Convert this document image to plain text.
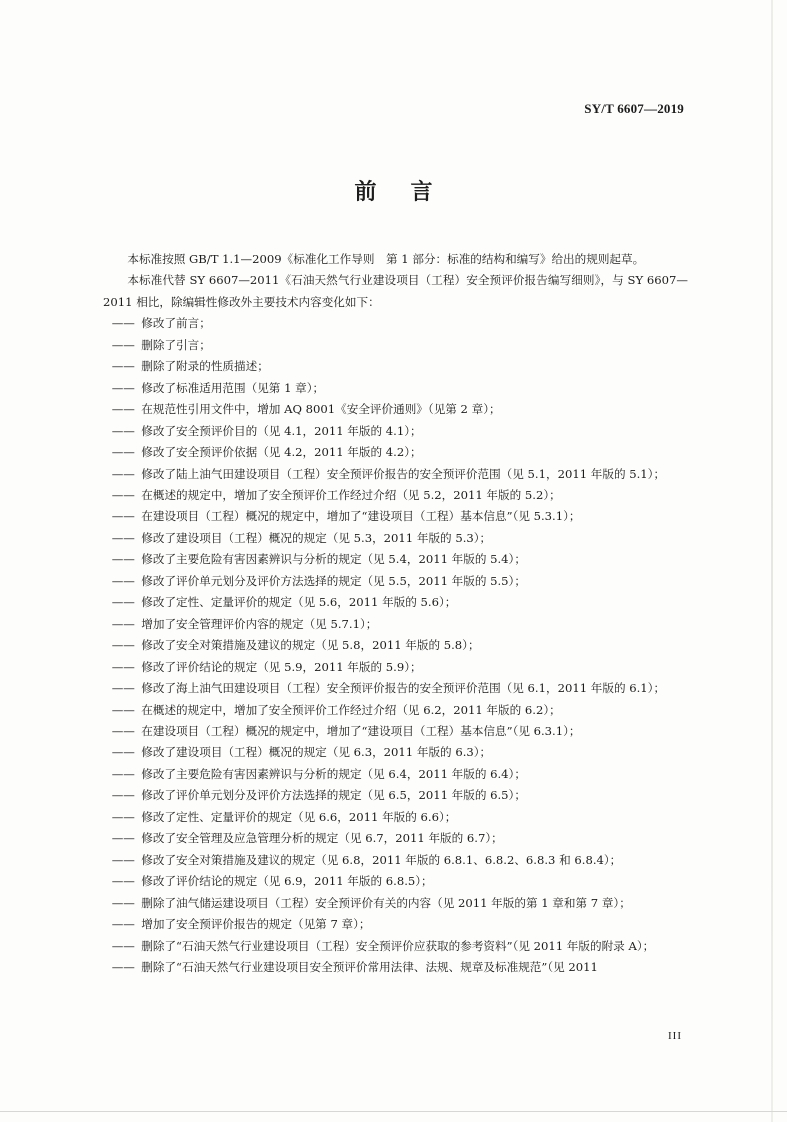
SY/T 6607—2019
前言

本标准按照 GB/T 1.1—2009《标准化工作导则　第 1 部分：标准的结构和编写》给出的规则起草。

本标准代替 SY 6607—2011《石油天然气行业建设项目（工程）安全预评价报告编写细则》，与 SY 6607—2011 相比，除编辑性修改外主要技术内容变化如下：

—— 修改了前言；
—— 删除了引言；
—— 删除了附录的性质描述；
—— 修改了标准适用范围（见第 1 章）；
—— 在规范性引用文件中，增加 AQ 8001《安全评价通则》（见第 2 章）；
—— 修改了安全预评价目的（见 4.1，2011 年版的 4.1）；
—— 修改了安全预评价依据（见 4.2，2011 年版的 4.2）；
—— 修改了陆上油气田建设项目（工程）安全预评价报告的安全预评价范围（见 5.1，2011 年版的 5.1）；
—— 在概述的规定中，增加了安全预评价工作经过介绍（见 5.2，2011 年版的 5.2）；
—— 在建设项目（工程）概况的规定中，增加了“建设项目（工程）基本信息”（见 5.3.1）；
—— 修改了建设项目（工程）概况的规定（见 5.3，2011 年版的 5.3）；
—— 修改了主要危险有害因素辨识与分析的规定（见 5.4，2011 年版的 5.4）；
—— 修改了评价单元划分及评价方法选择的规定（见 5.5，2011 年版的 5.5）；
—— 修改了定性、定量评价的规定（见 5.6，2011 年版的 5.6）；
—— 增加了安全管理评价内容的规定（见 5.7.1）；
—— 修改了安全对策措施及建议的规定（见 5.8，2011 年版的 5.8）；
—— 修改了评价结论的规定（见 5.9，2011 年版的 5.9）；
—— 修改了海上油气田建设项目（工程）安全预评价报告的安全预评价范围（见 6.1，2011 年版的 6.1）；
—— 在概述的规定中，增加了安全预评价工作经过介绍（见 6.2，2011 年版的 6.2）；
—— 在建设项目（工程）概况的规定中，增加了“建设项目（工程）基本信息”（见 6.3.1）；
—— 修改了建设项目（工程）概况的规定（见 6.3，2011 年版的 6.3）；
—— 修改了主要危险有害因素辨识与分析的规定（见 6.4，2011 年版的 6.4）；
—— 修改了评价单元划分及评价方法选择的规定（见 6.5，2011 年版的 6.5）；
—— 修改了定性、定量评价的规定（见 6.6，2011 年版的 6.6）；
—— 修改了安全管理及应急管理分析的规定（见 6.7，2011 年版的 6.7）；
—— 修改了安全对策措施及建议的规定（见 6.8，2011 年版的 6.8.1、6.8.2、6.8.3 和 6.8.4）；
—— 修改了评价结论的规定（见 6.9，2011 年版的 6.8.5）；
—— 删除了油气储运建设项目（工程）安全预评价有关的内容（见 2011 年版的第 1 章和第 7 章）；
—— 增加了安全预评价报告的规定（见第 7 章）；
—— 删除了“石油天然气行业建设项目（工程）安全预评价应获取的参考资料”（见 2011 年版的附录 A）；
—— 删除了“石油天然气行业建设项目安全预评价常用法律、法规、规章及标准规范”（见 2011
III
